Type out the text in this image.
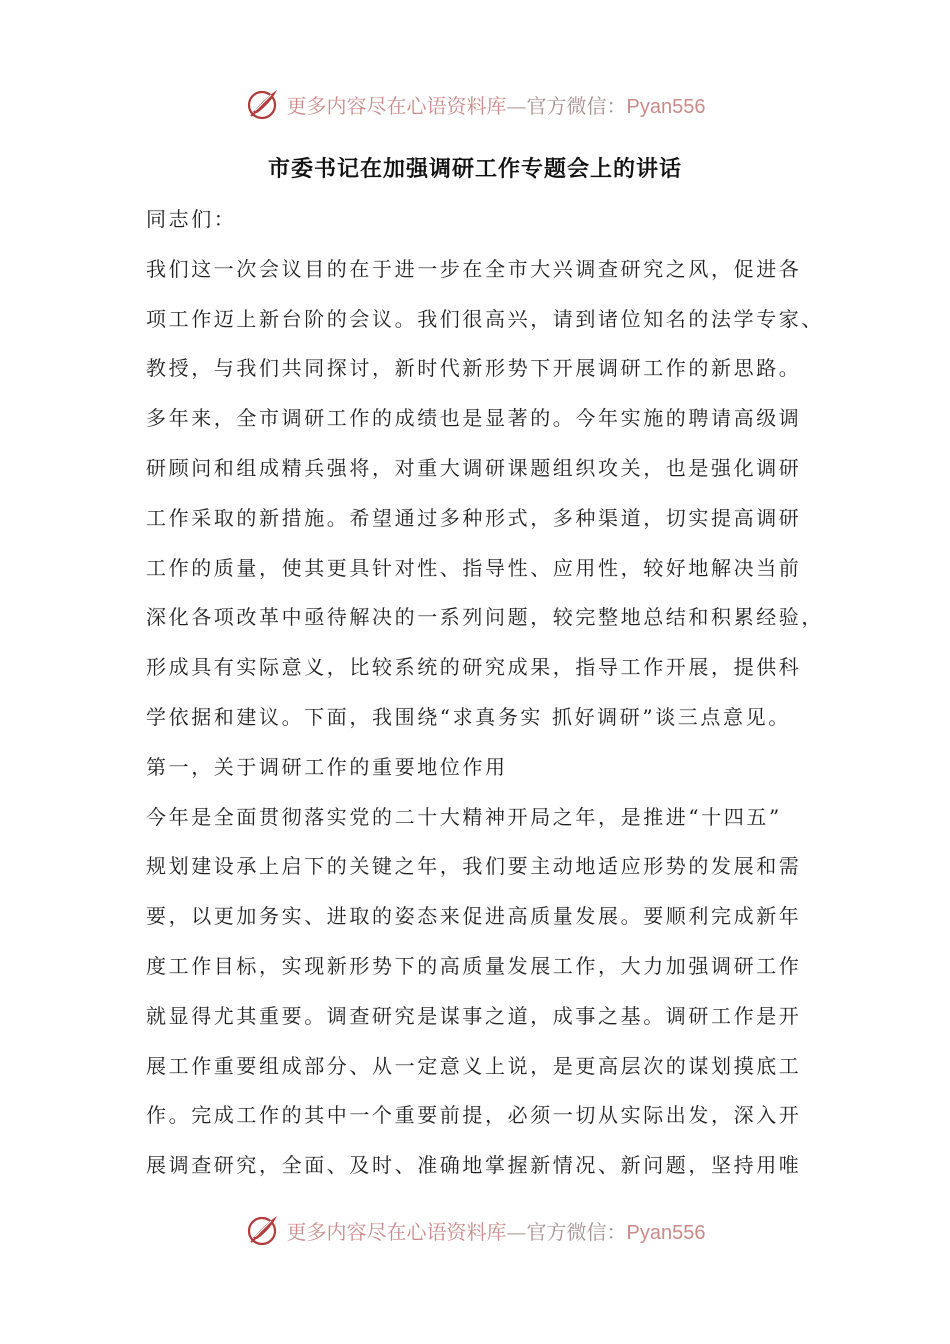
更多内容尽在心语资料库—官方微信：Pyan556
市委书记在加强调研工作专题会上的讲话
同志们：
我们这一次会议目的在于进一步在全市大兴调查研究之风，促进各
项工作迈上新台阶的会议。我们很高兴，请到诸位知名的法学专家、
教授，与我们共同探讨，新时代新形势下开展调研工作的新思路。
多年来，全市调研工作的成绩也是显著的。今年实施的聘请高级调
研顾问和组成精兵强将，对重大调研课题组织攻关，也是强化调研
工作采取的新措施。希望通过多种形式，多种渠道，切实提高调研
工作的质量，使其更具针对性、指导性、应用性，较好地解决当前
深化各项改革中亟待解决的一系列问题，较完整地总结和积累经验，
形成具有实际意义，比较系统的研究成果，指导工作开展，提供科
学依据和建议。下面，我围绕“求真务实 抓好调研”谈三点意见。
第一，关于调研工作的重要地位作用
今年是全面贯彻落实党的二十大精神开局之年，是推进“十四五”
规划建设承上启下的关键之年，我们要主动地适应形势的发展和需
要，以更加务实、进取的姿态来促进高质量发展。要顺利完成新年
度工作目标，实现新形势下的高质量发展工作，大力加强调研工作
就显得尤其重要。调查研究是谋事之道，成事之基。调研工作是开
展工作重要组成部分、从一定意义上说，是更高层次的谋划摸底工
作。完成工作的其中一个重要前提，必须一切从实际出发，深入开
展调查研究，全面、及时、准确地掌握新情况、新问题，坚持用唯
更多内容尽在心语资料库—官方微信：Pyan556
